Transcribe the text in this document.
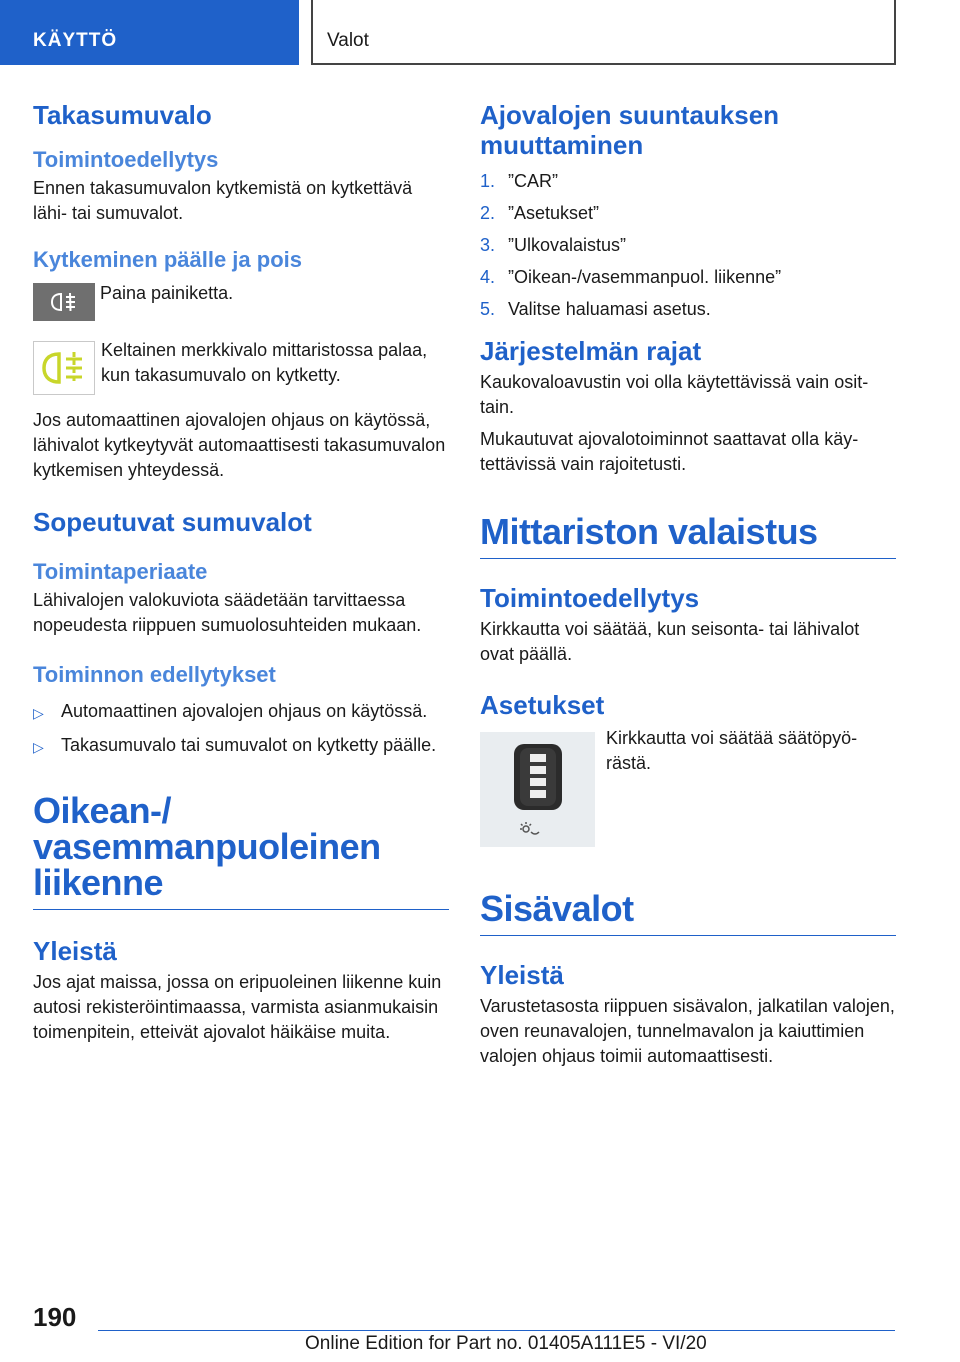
KÄYTTÖ	Valot
Takasumuvalo
Toimintoedellytys

Ennen takasumuvalon kytkemistä on kytkettävä lähi- tai sumuvalot.

Kytkeminen päälle ja pois

Paina painiketta.

Keltainen merkkivalo mittaristossa palaa, kun takasumuvalo on kytketty.

Jos automaattinen ajovalojen ohjaus on käytössä, lähivalot kytkeytyvät automaattisesti takasumuvalon kytkemisen yhteydessä.

Sopeutuvat sumuvalot
Toimintaperiaate

Lähivalojen valokuviota säädetään tarvittaessa nopeudesta riippuen sumuolosuhteiden mukaan.

Toiminnon edellytykset
▷ Automaattinen ajovalojen ohjaus on käytössä.
▷ Takasumuvalo tai sumuvalot on kytketty päälle.
Oikean-/
vasemmanpuoleinen
liikenne
Yleistä

Jos ajat maissa, jossa on eripuoleinen liikenne kuin autosi rekisteröintimaassa, varmista asianmukaisin toimenpitein, etteivät ajovalot häikäise muita.

Ajovalojen suuntauksen
muuttaminen
1. ”CAR”
2. ”Asetukset”
3. ”Ulkovalaistus”
4. ”Oikean-/vasemmanpuol. liikenne”
5. Valitse haluamasi asetus.
Järjestelmän rajat

Kaukovaloavustin voi olla käytettävissä vain osittain.

Mukautuvat ajovalotoiminnot saattavat olla käytettävissä vain rajoitetusti.

Mittariston valaistus
Toimintoedellytys

Kirkkautta voi säätää, kun seisonta- tai lähivalot ovat päällä.

Asetukset

Kirkkautta voi säätää säätöpyörästä.

Sisävalot
Yleistä

Varustetasosta riippuen sisävalon, jalkatilan valojen, oven reunavalojen, tunnelmavalon ja kaiuttimien valojen ohjaus toimii automaattisesti.

190
Online Edition for Part no. 01405A111E5 - VI/20
